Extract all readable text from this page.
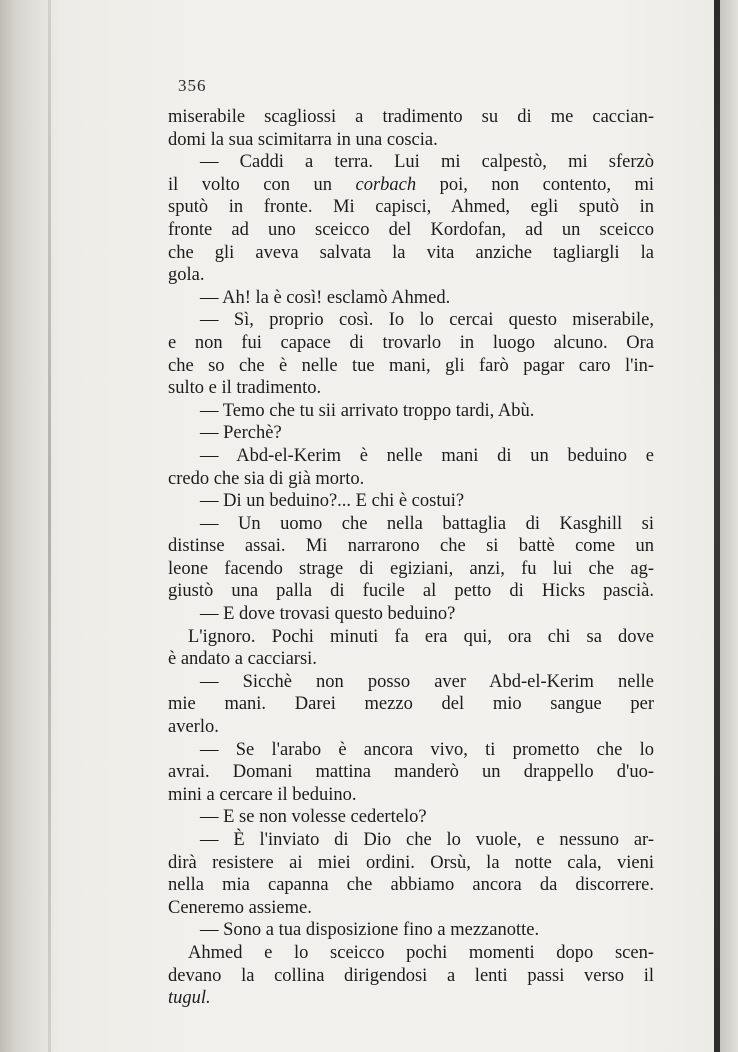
356
miserabile scagliossi a tradimento su di me caccian-
domi la sua scimitarra in una coscia.
— Caddi a terra. Lui mi calpestò, mi sferzò
il volto con un corbach poi, non contento, mi
sputò in fronte. Mi capisci, Ahmed, egli sputò in
fronte ad uno sceicco del Kordofan, ad un sceicco
che gli aveva salvata la vita anziche tagliargli la
gola.
— Ah! la è così! esclamò Ahmed.
— Sì, proprio così. Io lo cercai questo miserabile,
e non fui capace di trovarlo in luogo alcuno. Ora
che so che è nelle tue mani, gli farò pagar caro l'in-
sulto e il tradimento.
— Temo che tu sii arrivato troppo tardi, Abù.
— Perchè?
— Abd-el-Kerim è nelle mani di un beduino e
credo che sia di già morto.
— Di un beduino?... E chi è costui?
— Un uomo che nella battaglia di Kasghill si
distinse assai. Mi narrarono che si battè come un
leone facendo strage di egiziani, anzi, fu lui che ag-
giustò una palla di fucile al petto di Hicks pascià.
— E dove trovasi questo beduino?
L'ignoro. Pochi minuti fa era qui, ora chi sa dove
è andato a cacciarsi.
— Sicchè non posso aver Abd-el-Kerim nelle
mie mani. Darei mezzo del mio sangue per
averlo.
— Se l'arabo è ancora vivo, ti prometto che lo
avrai. Domani mattina manderò un drappello d'uo-
mini a cercare il beduino.
— E se non volesse cedertelo?
— È l'inviato di Dio che lo vuole, e nessuno ar-
dirà resistere ai miei ordini. Orsù, la notte cala, vieni
nella mia capanna che abbiamo ancora da discorrere.
Ceneremo assieme.
— Sono a tua disposizione fino a mezzanotte.
Ahmed e lo sceicco pochi momenti dopo scen-
devano la collina dirigendosi a lenti passi verso il
tugul.
